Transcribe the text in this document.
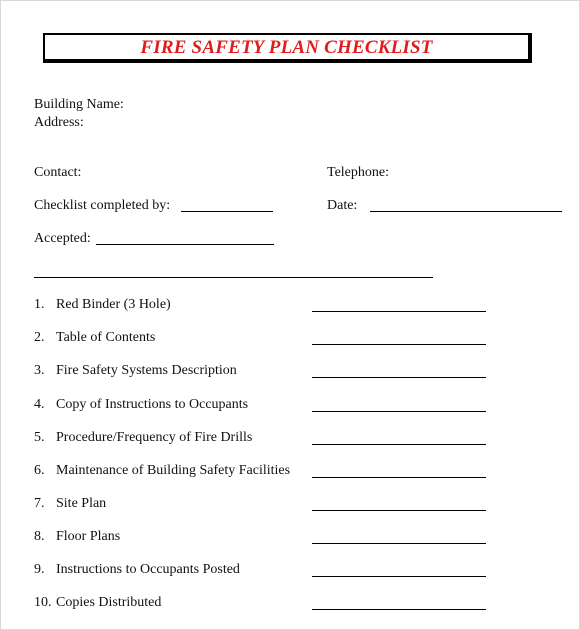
FIRE SAFETY PLAN CHECKLIST
Building Name:
Address:
Contact:	Telephone:
Checklist completed by:	Date:
Accepted:
1. Red Binder (3 Hole)
2. Table of Contents
3. Fire Safety Systems Description
4. Copy of Instructions to Occupants
5. Procedure/Frequency of Fire Drills
6. Maintenance of Building Safety Facilities
7. Site Plan
8. Floor Plans
9. Instructions to Occupants Posted
10. Copies Distributed
